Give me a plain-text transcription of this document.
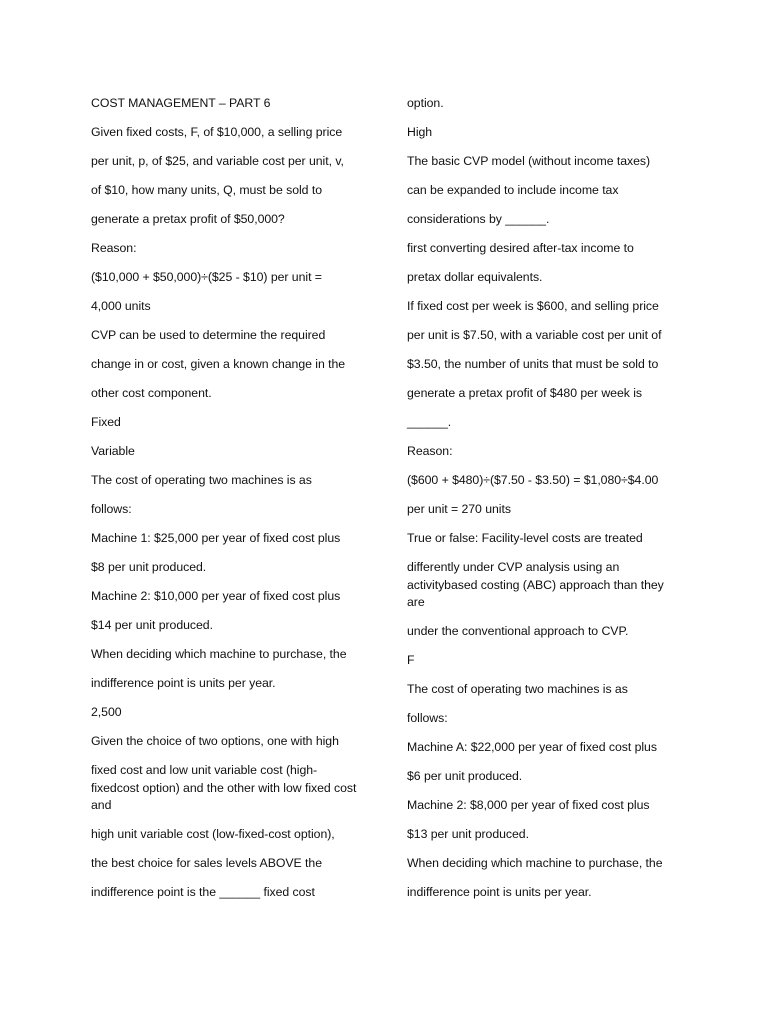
COST MANAGEMENT – PART 6
Given fixed costs, F, of $10,000, a selling price
per unit, p, of $25, and variable cost per unit, v,
of $10, how many units, Q, must be sold to
generate a pretax profit of $50,000?
Reason:
($10,000 + $50,000)÷($25 - $10) per unit =
4,000 units
CVP can be used to determine the required
change in or cost, given a known change in the
other cost component.
Fixed
Variable
The cost of operating two machines is as
follows:
Machine 1: $25,000 per year of fixed cost plus
$8 per unit produced.
Machine 2: $10,000 per year of fixed cost plus
$14 per unit produced.
When deciding which machine to purchase, the
indifference point is units per year.
2,500
Given the choice of two options, one with high
fixed cost and low unit variable cost (high-fixedcost option) and the other with low fixed cost and
high unit variable cost (low-fixed-cost option),
the best choice for sales levels ABOVE the
indifference point is the ______ fixed cost
option.
High
The basic CVP model (without income taxes)
can be expanded to include income tax
considerations by ______.
first converting desired after-tax income to
pretax dollar equivalents.
If fixed cost per week is $600, and selling price
per unit is $7.50, with a variable cost per unit of
$3.50, the number of units that must be sold to
generate a pretax profit of $480 per week is
______.
Reason:
($600 + $480)÷($7.50 - $3.50) = $1,080÷$4.00
per unit = 270 units
True or false: Facility-level costs are treated
differently under CVP analysis using an activitybased costing (ABC) approach than they are
under the conventional approach to CVP.
F
The cost of operating two machines is as
follows:
Machine A: $22,000 per year of fixed cost plus
$6 per unit produced.
Machine 2: $8,000 per year of fixed cost plus
$13 per unit produced.
When deciding which machine to purchase, the
indifference point is units per year.
